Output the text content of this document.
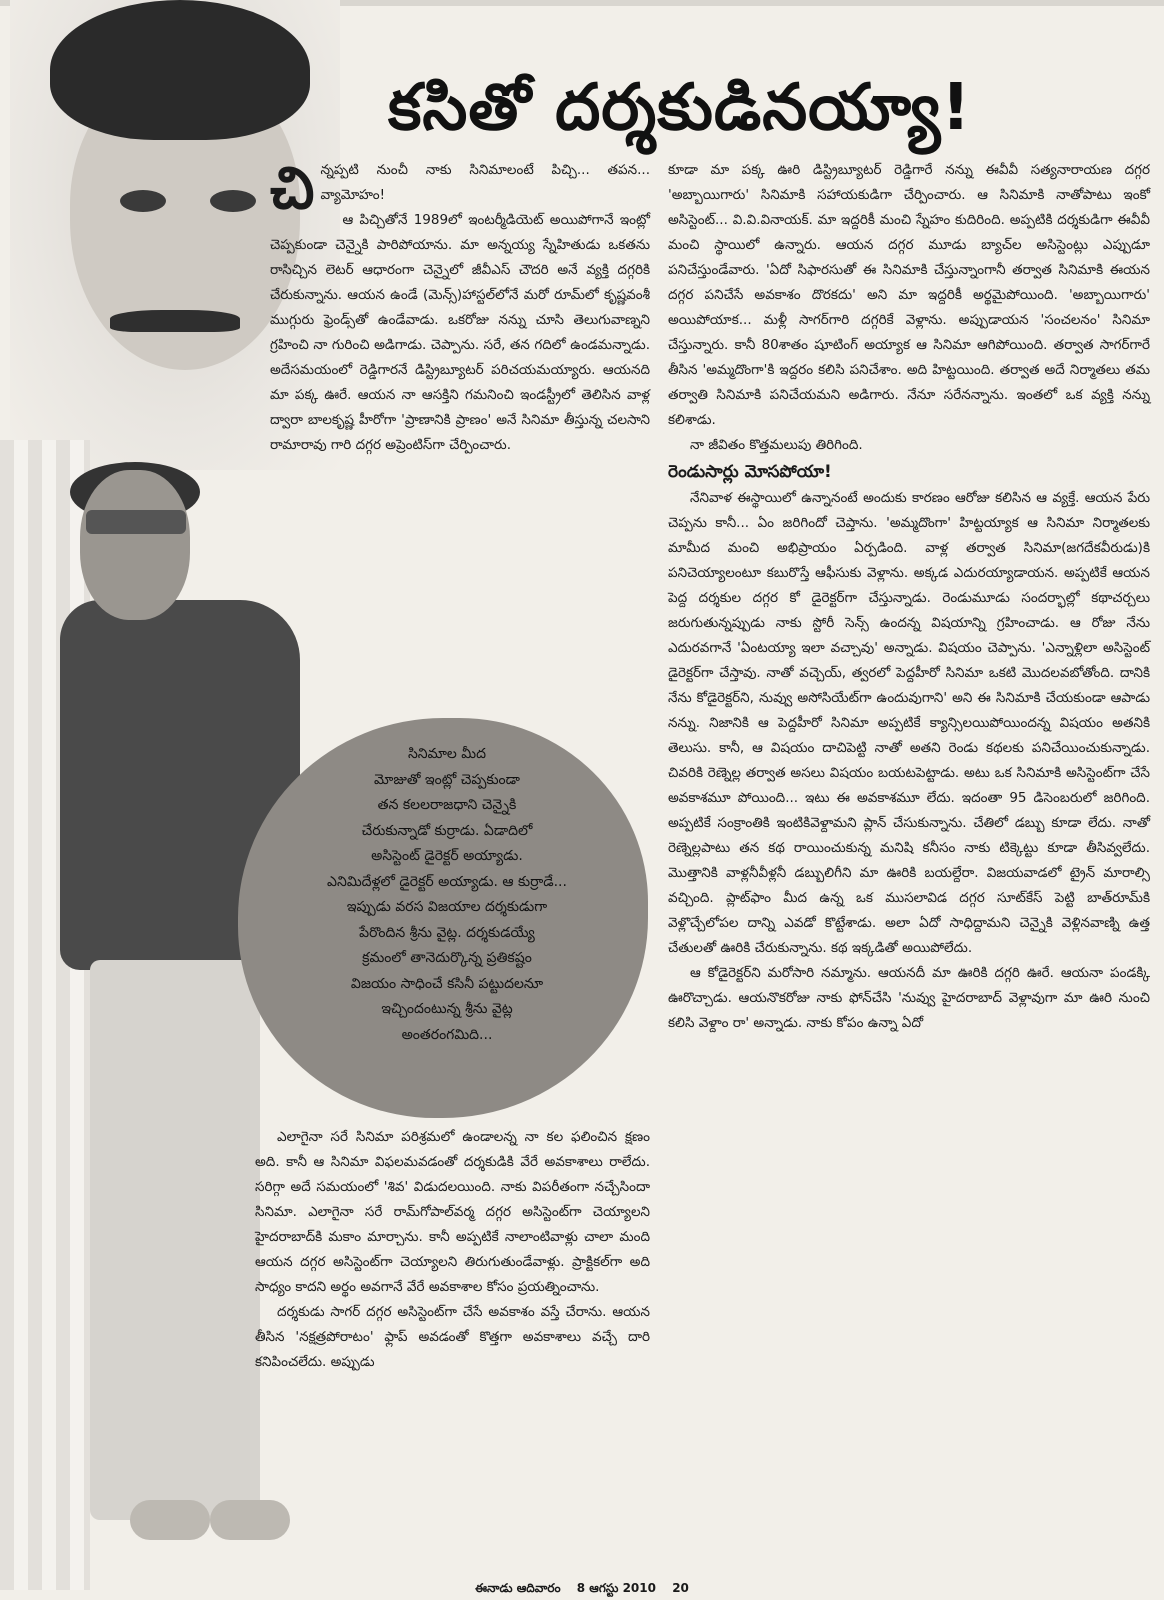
కసితో దర్శకుడినయ్యా!

చిన్నప్పటి నుంచీ నాకు సినిమాలంటే పిచ్చి... తపన... వ్యామోహం!

ఆ పిచ్చితోనే 1989లో ఇంటర్మీడియెట్ అయిపోగానే ఇంట్లో చెప్పకుండా చెన్నైకి పారిపోయాను. మా అన్నయ్య స్నేహితుడు ఒకతను రాసిచ్చిన లెటర్ ఆధారంగా చెన్నైలో జీవీఎస్ చౌదరి అనే వ్యక్తి దగ్గరికి చేరుకున్నాను. ఆయన ఉండే (మెన్స్)హాస్టల్‌లోనే మరో రూమ్‌లో కృష్ణవంశీ ముగ్గురు ఫ్రెండ్స్‌తో ఉండేవాడు. ఒకరోజు నన్ను చూసి తెలుగువాణ్నని గ్రహించి నా గురించి అడిగాడు. చెప్పాను. సరే, తన గదిలో ఉండమన్నాడు. అదేసమయంలో రెడ్డిగారనే డిస్ట్రిబ్యూటర్ పరిచయమయ్యారు. ఆయనది మా పక్క ఊరే. ఆయన నా ఆసక్తిని గమనించి ఇండస్ట్రీలో తెలిసిన వాళ్ల ద్వారా బాలకృష్ణ హీరోగా 'ప్రాణానికి ప్రాణం' అనే సినిమా తీస్తున్న చలసాని రామారావు గారి దగ్గర అప్రెంటిస్‌గా చేర్పించారు.

సినిమాల మీద
మోజుతో ఇంట్లో చెప్పకుండా
తన కలలరాజధాని చెన్నైకి
చేరుకున్నాడో కుర్రాడు. ఏడాదిలో
అసిస్టెంట్ డైరెక్టర్ అయ్యాడు.
ఎనిమిదేళ్లలో డైరెక్టర్ అయ్యాడు. ఆ కుర్రాడే...
ఇప్పుడు వరస విజయాల దర్శకుడుగా
పేరొందిన శ్రీను వైట్ల. దర్శకుడయ్యే
క్రమంలో తానెదుర్కొన్న ప్రతికష్టం
విజయం సాధించే కసినీ పట్టుదలనూ
ఇచ్చిందంటున్న శ్రీను వైట్ల
అంతరంగమిది...

ఎలాగైనా సరే సినిమా పరిశ్రమలో ఉండాలన్న నా కల ఫలించిన క్షణం అది. కానీ ఆ సినిమా విఫలమవడంతో దర్శకుడికి వేరే అవకాశాలు రాలేదు. సరిగ్గా అదే సమయంలో 'శివ' విడుదలయింది. నాకు విపరీతంగా నచ్చేసిందా సినిమా. ఎలాగైనా సరే రామ్‌గోపాల్‌వర్మ దగ్గర అసిస్టెంట్‌గా చెయ్యాలని హైదరాబాద్‌కి మకాం మార్చాను. కానీ అప్పటికే నాలాంటివాళ్లు చాలా మంది ఆయన దగ్గర అసిస్టెంట్‌గా చెయ్యాలని తిరుగుతుండేవాళ్లు. ప్రాక్టికల్‌గా అది సాధ్యం కాదని అర్థం అవగానే వేరే అవకాశాల కోసం ప్రయత్నించాను.

దర్శకుడు సాగర్ దగ్గర అసిస్టెంట్‌గా చేసే అవకాశం వస్తే చేరాను. ఆయన తీసిన 'నక్షత్రపోరాటం' ఫ్లాప్ అవడంతో కొత్తగా అవకాశాలు వచ్చే దారి కనిపించలేదు. అప్పుడు

కూడా మా పక్క ఊరి డిస్ట్రిబ్యూటర్ రెడ్డిగారే నన్ను ఈవీవీ సత్యనారాయణ దగ్గర 'అబ్బాయిగారు' సినిమాకి సహాయకుడిగా చేర్పించారు. ఆ సినిమాకి నాతోపాటు ఇంకో అసిస్టెంట్... వి.వి.వినాయక్. మా ఇద్దరికీ మంచి స్నేహం కుదిరింది. అప్పటికి దర్శకుడిగా ఈవీవీ మంచి స్థాయిలో ఉన్నారు. ఆయన దగ్గర మూడు బ్యాచ్‌ల అసిస్టెంట్లు ఎప్పుడూ పనిచేస్తుండేవారు. 'ఏదో సిఫారసుతో ఈ సినిమాకి చేస్తున్నాంగానీ తర్వాత సినిమాకి ఈయన దగ్గర పనిచేసే అవకాశం దొరకదు' అని మా ఇద్దరికీ అర్థమైపోయింది. 'అబ్బాయిగారు' అయిపోయాక... మళ్లీ సాగర్‌గారి దగ్గరికే వెళ్లాను. అప్పుడాయన 'సంచలనం' సినిమా చేస్తున్నారు. కానీ 80శాతం షూటింగ్ అయ్యాక ఆ సినిమా ఆగిపోయింది. తర్వాత సాగర్‌గారే తీసిన 'అమ్మదొంగా'కి ఇద్దరం కలిసి పనిచేశాం. అది హిట్టయింది. తర్వాత అదే నిర్మాతలు తమ తర్వాతి సినిమాకి పనిచేయమని అడిగారు. నేనూ సరేనన్నాను. ఇంతలో ఒక వ్యక్తి నన్ను కలిశాడు.

నా జీవితం కొత్తమలుపు తిరిగింది.

రెండుసార్లు మోసపోయా!

నేనివాళ ఈస్థాయిలో ఉన్నానంటే అందుకు కారణం ఆరోజు కలిసిన ఆ వ్యక్తే. ఆయన పేరు చెప్పను కానీ... ఏం జరిగిందో చెప్తాను. 'అమ్మదొంగా' హిట్టయ్యాక ఆ సినిమా నిర్మాతలకు మామీద మంచి అభిప్రాయం ఏర్పడింది. వాళ్ల తర్వాత సినిమా(జగదేకవీరుడు)కి పనిచెయ్యాలంటూ కబురొస్తే ఆఫీసుకు వెళ్లాను. అక్కడ ఎదురయ్యాడాయన. అప్పటికే ఆయన పెద్ద దర్శకుల దగ్గర కో డైరెక్టర్‌గా చేస్తున్నాడు. రెండుమూడు సందర్భాల్లో కథాచర్చలు జరుగుతున్నప్పుడు నాకు స్టోరీ సెన్స్ ఉందన్న విషయాన్ని గ్రహించాడు. ఆ రోజు నేను ఎదురవగానే 'ఏంటయ్యా ఇలా వచ్చావు' అన్నాడు. విషయం చెప్పాను. 'ఎన్నాళ్లిలా అసిస్టెంట్ డైరెక్టర్‌గా చేస్తావు. నాతో వచ్చెయ్, త్వరలో పెద్దహీరో సినిమా ఒకటి మొదలవబోతోంది. దానికి నేను కోడైరెక్టర్‌ని, నువ్వు అసోసియేట్‌గా ఉందువుగాని' అని ఈ సినిమాకి చేయకుండా ఆపాడు నన్ను. నిజానికి ఆ పెద్దహీరో సినిమా అప్పటికే క్యాన్సిలయిపోయిందన్న విషయం అతనికి తెలుసు. కానీ, ఆ విషయం దాచిపెట్టి నాతో అతని రెండు కథలకు పనిచేయించుకున్నాడు. చివరికి రెణ్నెల్ల తర్వాత అసలు విషయం బయటపెట్టాడు. అటు ఒక సినిమాకి అసిస్టెంట్‌గా చేసే అవకాశమూ పోయింది... ఇటు ఈ అవకాశమూ లేదు. ఇదంతా 95 డిసెంబరులో జరిగింది. అప్పటికే సంక్రాంతికి ఇంటికివెళ్దామని ప్లాన్ చేసుకున్నాను. చేతిలో డబ్బు కూడా లేదు. నాతో రెణ్నెల్లపాటు తన కథ రాయించుకున్న మనిషి కనీసం నాకు టిక్కెట్టు కూడా తీసివ్వలేదు. మొత్తానికి వాళ్లనీవీళ్లనీ డబ్బులిగీని మా ఊరికి బయల్దేరా. విజయవాడలో ట్రైన్ మారాల్సి వచ్చింది. ప్లాట్‌ఫాం మీద ఉన్న ఒక ముసలావిడ దగ్గర సూట్‌కేస్ పెట్టి బాత్‌రూమ్‌కి వెళ్లొచ్చేలోపల దాన్ని ఎవడో కొట్టేశాడు. అలా ఏదో సాధిద్దామని చెన్నైకి వెళ్లినవాణ్ని ఉత్త చేతులతో ఊరికి చేరుకున్నాను. కథ ఇక్కడితో అయిపోలేదు.

ఆ కోడైరెక్టర్‌ని మరోసారి నమ్మాను. ఆయనదీ మా ఊరికి దగ్గరి ఊరే. ఆయనా పండక్కి ఊరొచ్చాడు. ఆయనొకరోజు నాకు ఫోన్‌చేసి 'నువ్వు హైదరాబాద్ వెళ్లావుగా మా ఊరి నుంచి కలిసి వెళ్దాం రా' అన్నాడు. నాకు కోపం ఉన్నా ఏదో

ఈనాడు ఆదివారం 8 ఆగస్టు 2010 20
